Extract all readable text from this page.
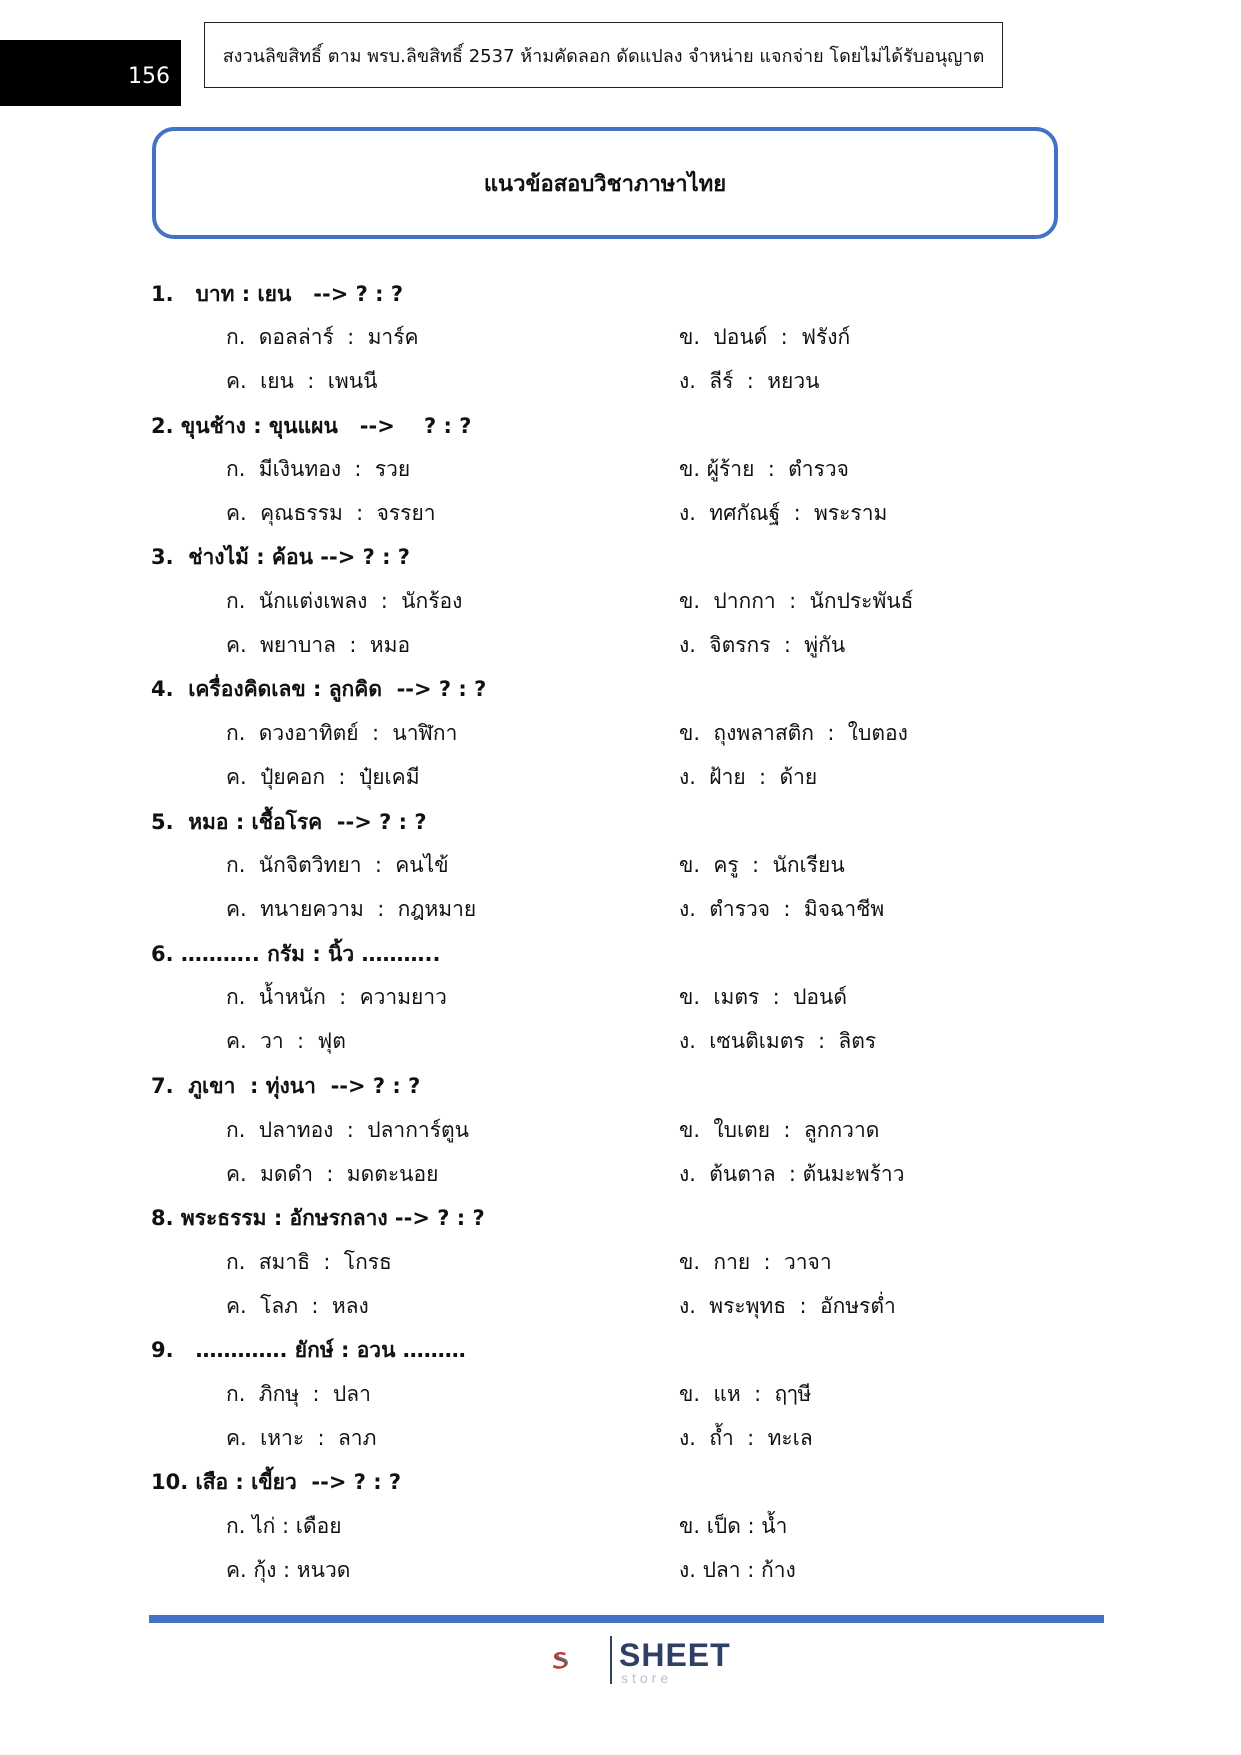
156
สงวนลิขสิทธิ์ ตาม พรบ.ลิขสิทธิ์ 2537 ห้ามคัดลอก ดัดแปลง จำหน่าย แจกจ่าย โดยไม่ได้รับอนุญาต
แนวข้อสอบวิชาภาษาไทย
1.   บาท : เยน   --> ? : ?
ก.  ดอลล่าร์  :  มาร์ค	ข.  ปอนด์  :  ฟรังก์
ค.  เยน  :  เพนนี	ง.  ลีร์  :  หยวน
2. ขุนช้าง : ขุนแผน   -->    ? : ?
ก.  มีเงินทอง  :  รวย	ข. ผู้ร้าย  :  ตำรวจ
ค.  คุณธรรม  :  จรรยา	ง.  ทศกัณฐ์  :  พระราม
3.  ช่างไม้ : ค้อน --> ? : ?
ก.  นักแต่งเพลง  :  นักร้อง	ข.  ปากกา  :  นักประพันธ์
ค.  พยาบาล  :  หมอ	ง.  จิตรกร  :  พู่กัน
4.  เครื่องคิดเลข : ลูกคิด  --> ? : ?
ก.  ดวงอาทิตย์  :  นาฬิกา	ข.  ถุงพลาสติก  :  ใบตอง
ค.  ปุ๋ยคอก  :  ปุ๋ยเคมี	ง.  ฝ้าย  :  ด้าย
5.  หมอ : เชื้อโรค  --> ? : ?
ก.  นักจิตวิทยา  :  คนไข้	ข.  ครู  :  นักเรียน
ค.  ทนายความ  :  กฎหมาย	ง.  ตำรวจ  :  มิจฉาชีพ
6. ……….. กรัม : นิ้ว ………..
ก.  น้ำหนัก  :  ความยาว	ข.  เมตร  :  ปอนด์
ค.  วา  :  ฟุต	ง.  เซนติเมตร  :  ลิตร
7.  ภูเขา  : ทุ่งนา  --> ? : ?
ก.  ปลาทอง  :  ปลาการ์ตูน	ข.  ใบเตย  :  ลูกกวาด
ค.  มดดำ  :  มดตะนอย	ง.  ต้นตาล  : ต้นมะพร้าว
8. พระธรรม : อักษรกลาง --> ? : ?
ก.  สมาธิ  :  โกรธ	ข.  กาย  :  วาจา
ค.  โลภ  :  หลง	ง.  พระพุทธ  :  อักษรต่ำ
9.   …………. ยักษ์ : อวน ………
ก.  ภิกษุ  :  ปลา	ข.  แห  :  ฤๅษี
ค.  เหาะ  :  ลาภ	ง.  ถ้ำ  :  ทะเล
10. เสือ : เขี้ยว  --> ? : ?
ก. ไก่ : เดือย	ข. เป็ด : น้ำ
ค. กุ้ง : หนวด	ง. ปลา : ก้าง
SHEET
store
